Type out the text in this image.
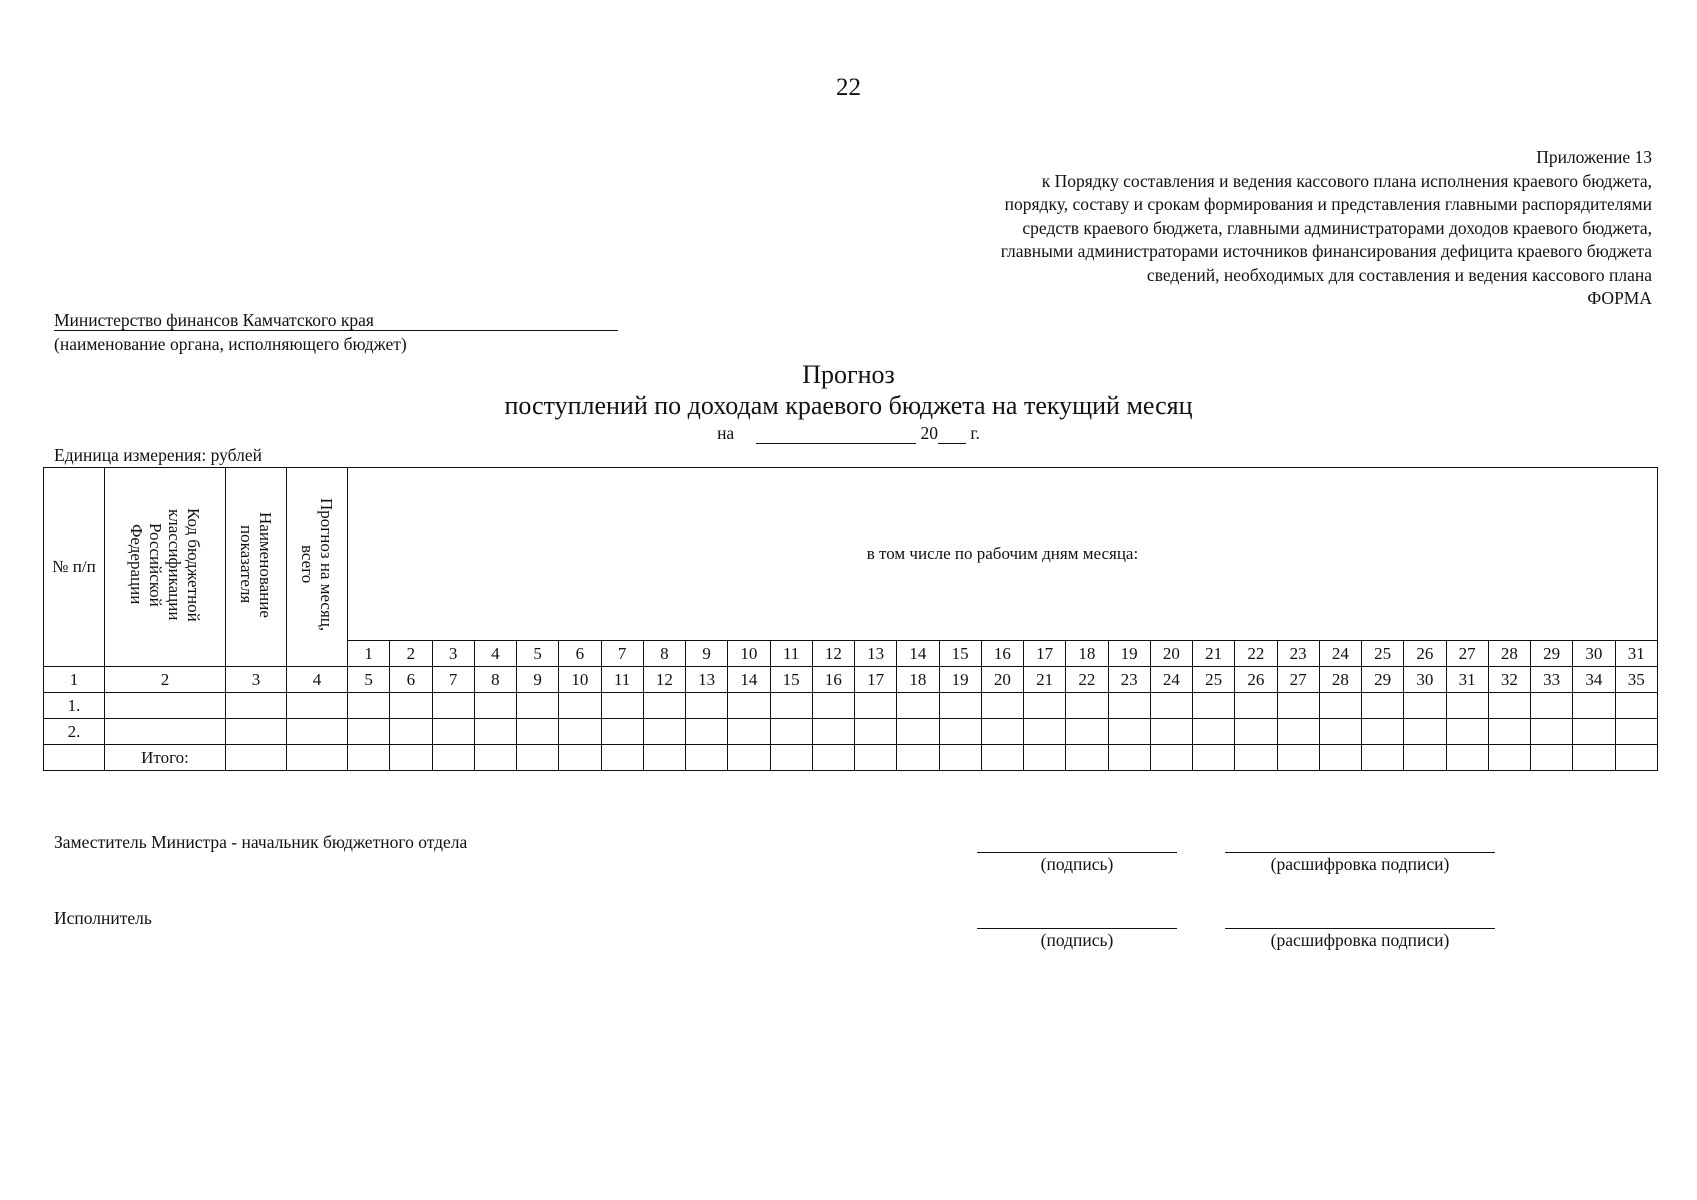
22
Приложение 13
к Порядку составления и ведения кассового плана исполнения краевого бюджета,
порядку, составу и срокам формирования и представления главными распорядителями
средств краевого бюджета, главными администраторами доходов краевого бюджета,
главными администраторами источников финансирования дефицита краевого бюджета
сведений, необходимых для составления и ведения кассового плана
ФОРМА
Министерство финансов Камчатского края
(наименование органа, исполняющего бюджет)
Прогноз
поступлений по доходам краевого бюджета на текущий месяц
на	20 г.
Единица измерения: рублей
№ п/п	Код бюджетной классификации Российской Федерации	Наименование показателя	Прогноз на месяц, всего	в том числе по рабочим дням месяца:																														
				1	2	3	4	5	6	7	8	9	10	11	12	13	14	15	16	17	18	19	20	21	22	23	24	25	26	27	28	29	30	31
1	2	3	4	5	6	7	8	9	10	11	12	13	14	15	16	17	18	19	20	21	22	23	24	25	26	27	28	29	30	31	32	33	34	35
1.																																		
2.																																		
	Итого:																																	
Заместитель Министра - начальник бюджетного отдела
(подпись)	(расшифровка подписи)
Исполнитель
(подпись)	(расшифровка подписи)
